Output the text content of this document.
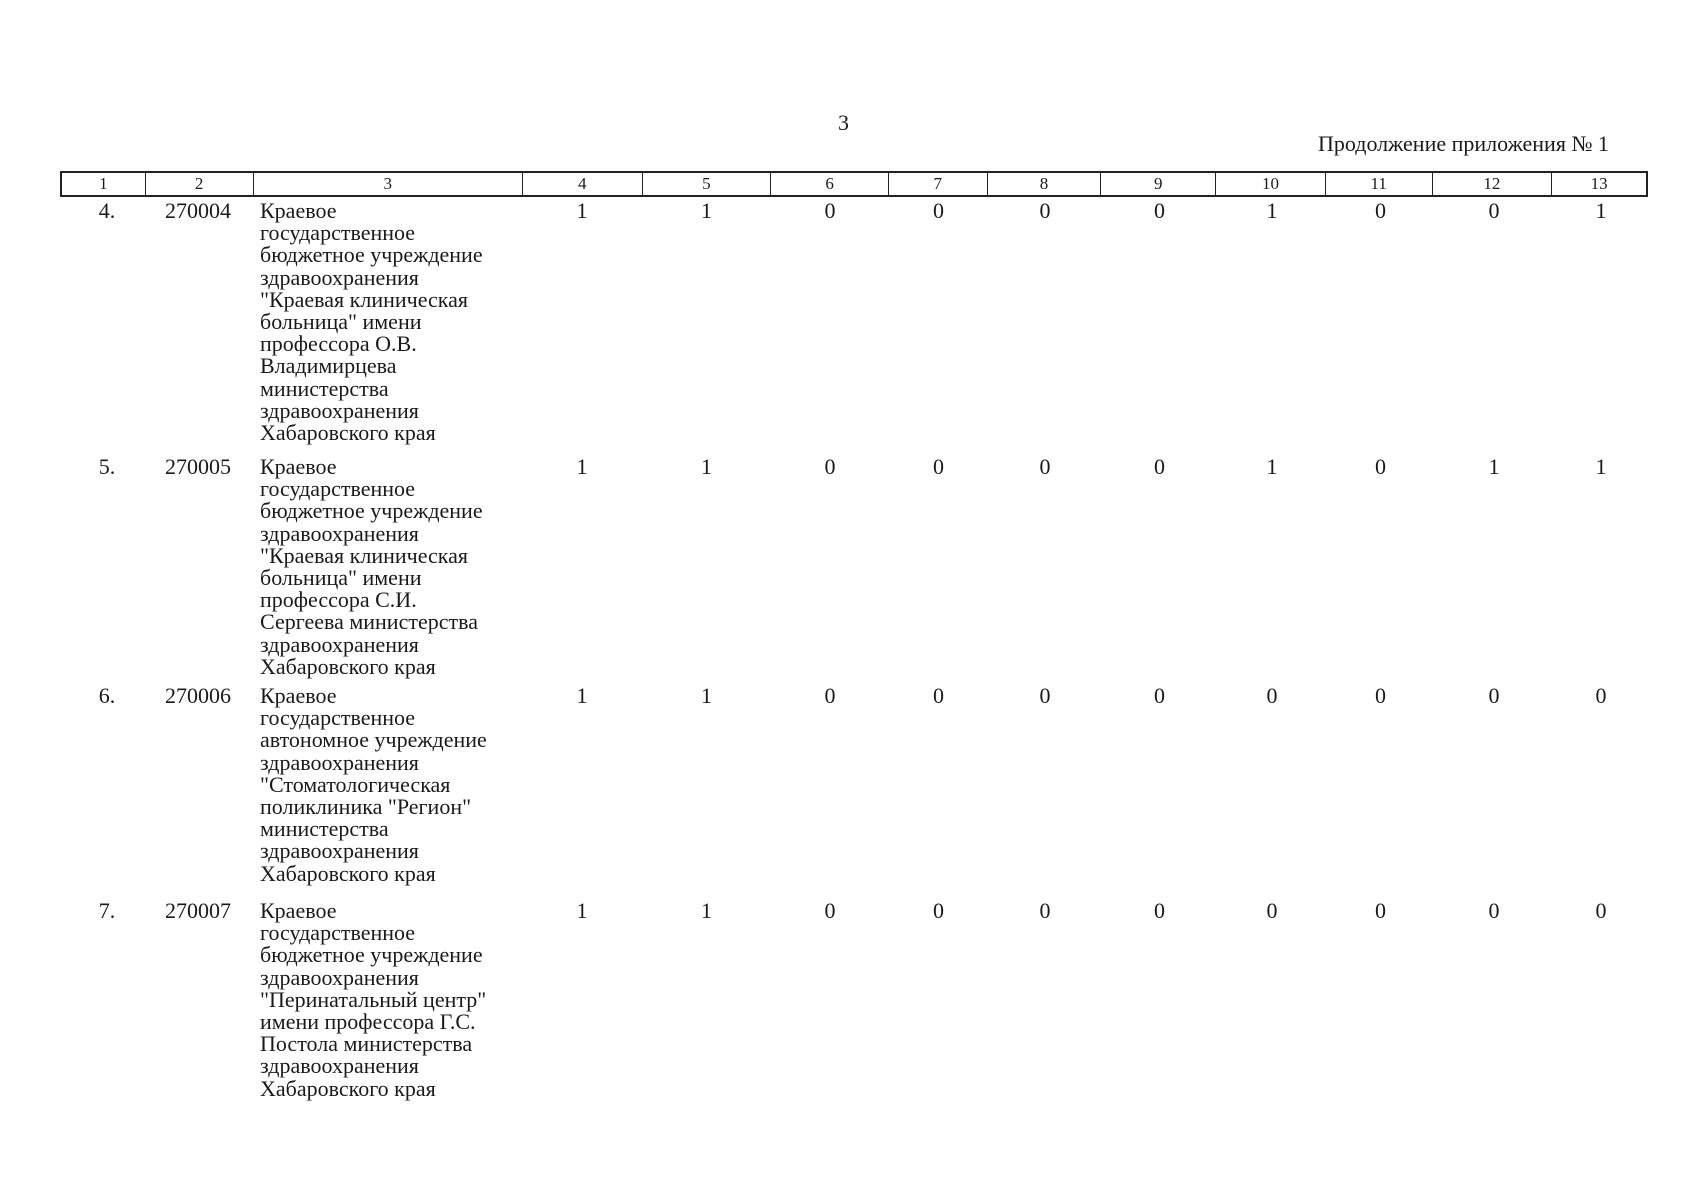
3
Продолжение приложения № 1
1	2	3	4	5	6	7	8	9	10	11	12	13
4.	270004	Краевое
государственное
бюджетное учреждение
здравоохранения
"Краевая клиническая
больница" имени
профессора О.В.
Владимирцева
министерства
здравоохранения
Хабаровского края
1	1	0	0	0	0	1	0	0	1
5.	270005	Краевое
государственное
бюджетное учреждение
здравоохранения
"Краевая клиническая
больница" имени
профессора С.И.
Сергеева министерства
здравоохранения
Хабаровского края
1	1	0	0	0	0	1	0	1	1
6.	270006	Краевое
государственное
автономное учреждение
здравоохранения
"Стоматологическая
поликлиника "Регион"
министерства
здравоохранения
Хабаровского края
1	1	0	0	0	0	0	0	0	0
7.	270007	Краевое
государственное
бюджетное учреждение
здравоохранения
"Перинатальный центр"
имени профессора Г.С.
Постола министерства
здравоохранения
Хабаровского края
1	1	0	0	0	0	0	0	0	0
